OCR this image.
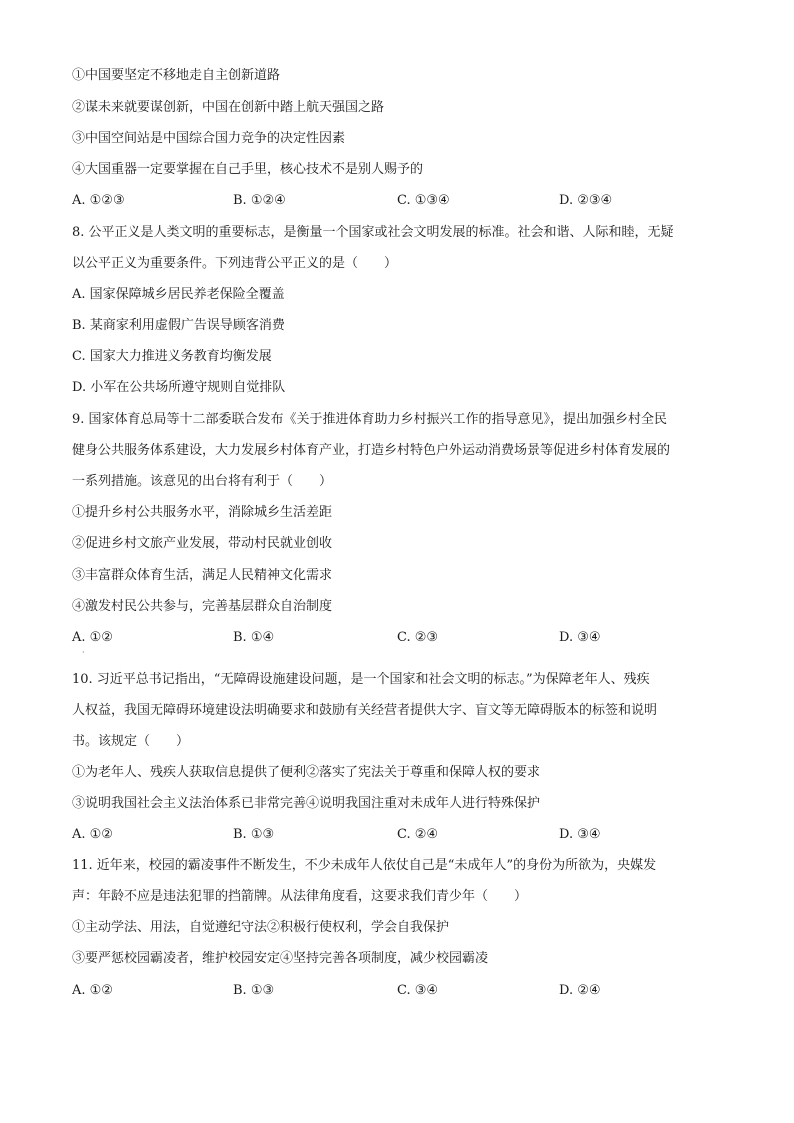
①中国要坚定不移地走自主创新道路
②谋未来就要谋创新，中国在创新中踏上航天强国之路
③中国空间站是中国综合国力竞争的决定性因素
④大国重器一定要掌握在自己手里，核心技术不是别人赐予的
A. ①②③	B. ①②④	C. ①③④	D. ②③④
8. 公平正义是人类文明的重要标志，是衡量一个国家或社会文明发展的标准。社会和谐、人际和睦，无疑
以公平正义为重要条件。下列违背公平正义的是（　　）
A. 国家保障城乡居民养老保险全覆盖
B. 某商家利用虚假广告误导顾客消费
C. 国家大力推进义务教育均衡发展
D. 小军在公共场所遵守规则自觉排队
9. 国家体育总局等十二部委联合发布《关于推进体育助力乡村振兴工作的指导意见》，提出加强乡村全民
健身公共服务体系建设，大力发展乡村体育产业，打造乡村特色户外运动消费场景等促进乡村体育发展的
一系列措施。该意见的出台将有利于（　　）
①提升乡村公共服务水平，消除城乡生活差距
②促进乡村文旅产业发展，带动村民就业创收
③丰富群众体育生活，满足人民精神文化需求
④激发村民公共参与，完善基层群众自治制度
A. ①②	B. ①④	C. ②③	D. ③④
·
10. 习近平总书记指出，“无障碍设施建设问题，是一个国家和社会文明的标志。”为保障老年人、残疾
人权益，我国无障碍环境建设法明确要求和鼓励有关经营者提供大字、盲文等无障碍版本的标签和说明
书。该规定（　　）
①为老年人、残疾人获取信息提供了便利②落实了宪法关于尊重和保障人权的要求
③说明我国社会主义法治体系已非常完善④说明我国注重对未成年人进行特殊保护
A. ①②	B. ①③	C. ②④	D. ③④
11. 近年来，校园的霸凌事件不断发生，不少未成年人依仗自己是“未成年人”的身份为所欲为，央媒发
声：年龄不应是违法犯罪的挡箭牌。从法律角度看，这要求我们青少年（　　）
①主动学法、用法，自觉遵纪守法②积极行使权利，学会自我保护
③要严惩校园霸凌者，维护校园安定④坚持完善各项制度，减少校园霸凌
A. ①②	B. ①③	C. ③④	D. ②④
